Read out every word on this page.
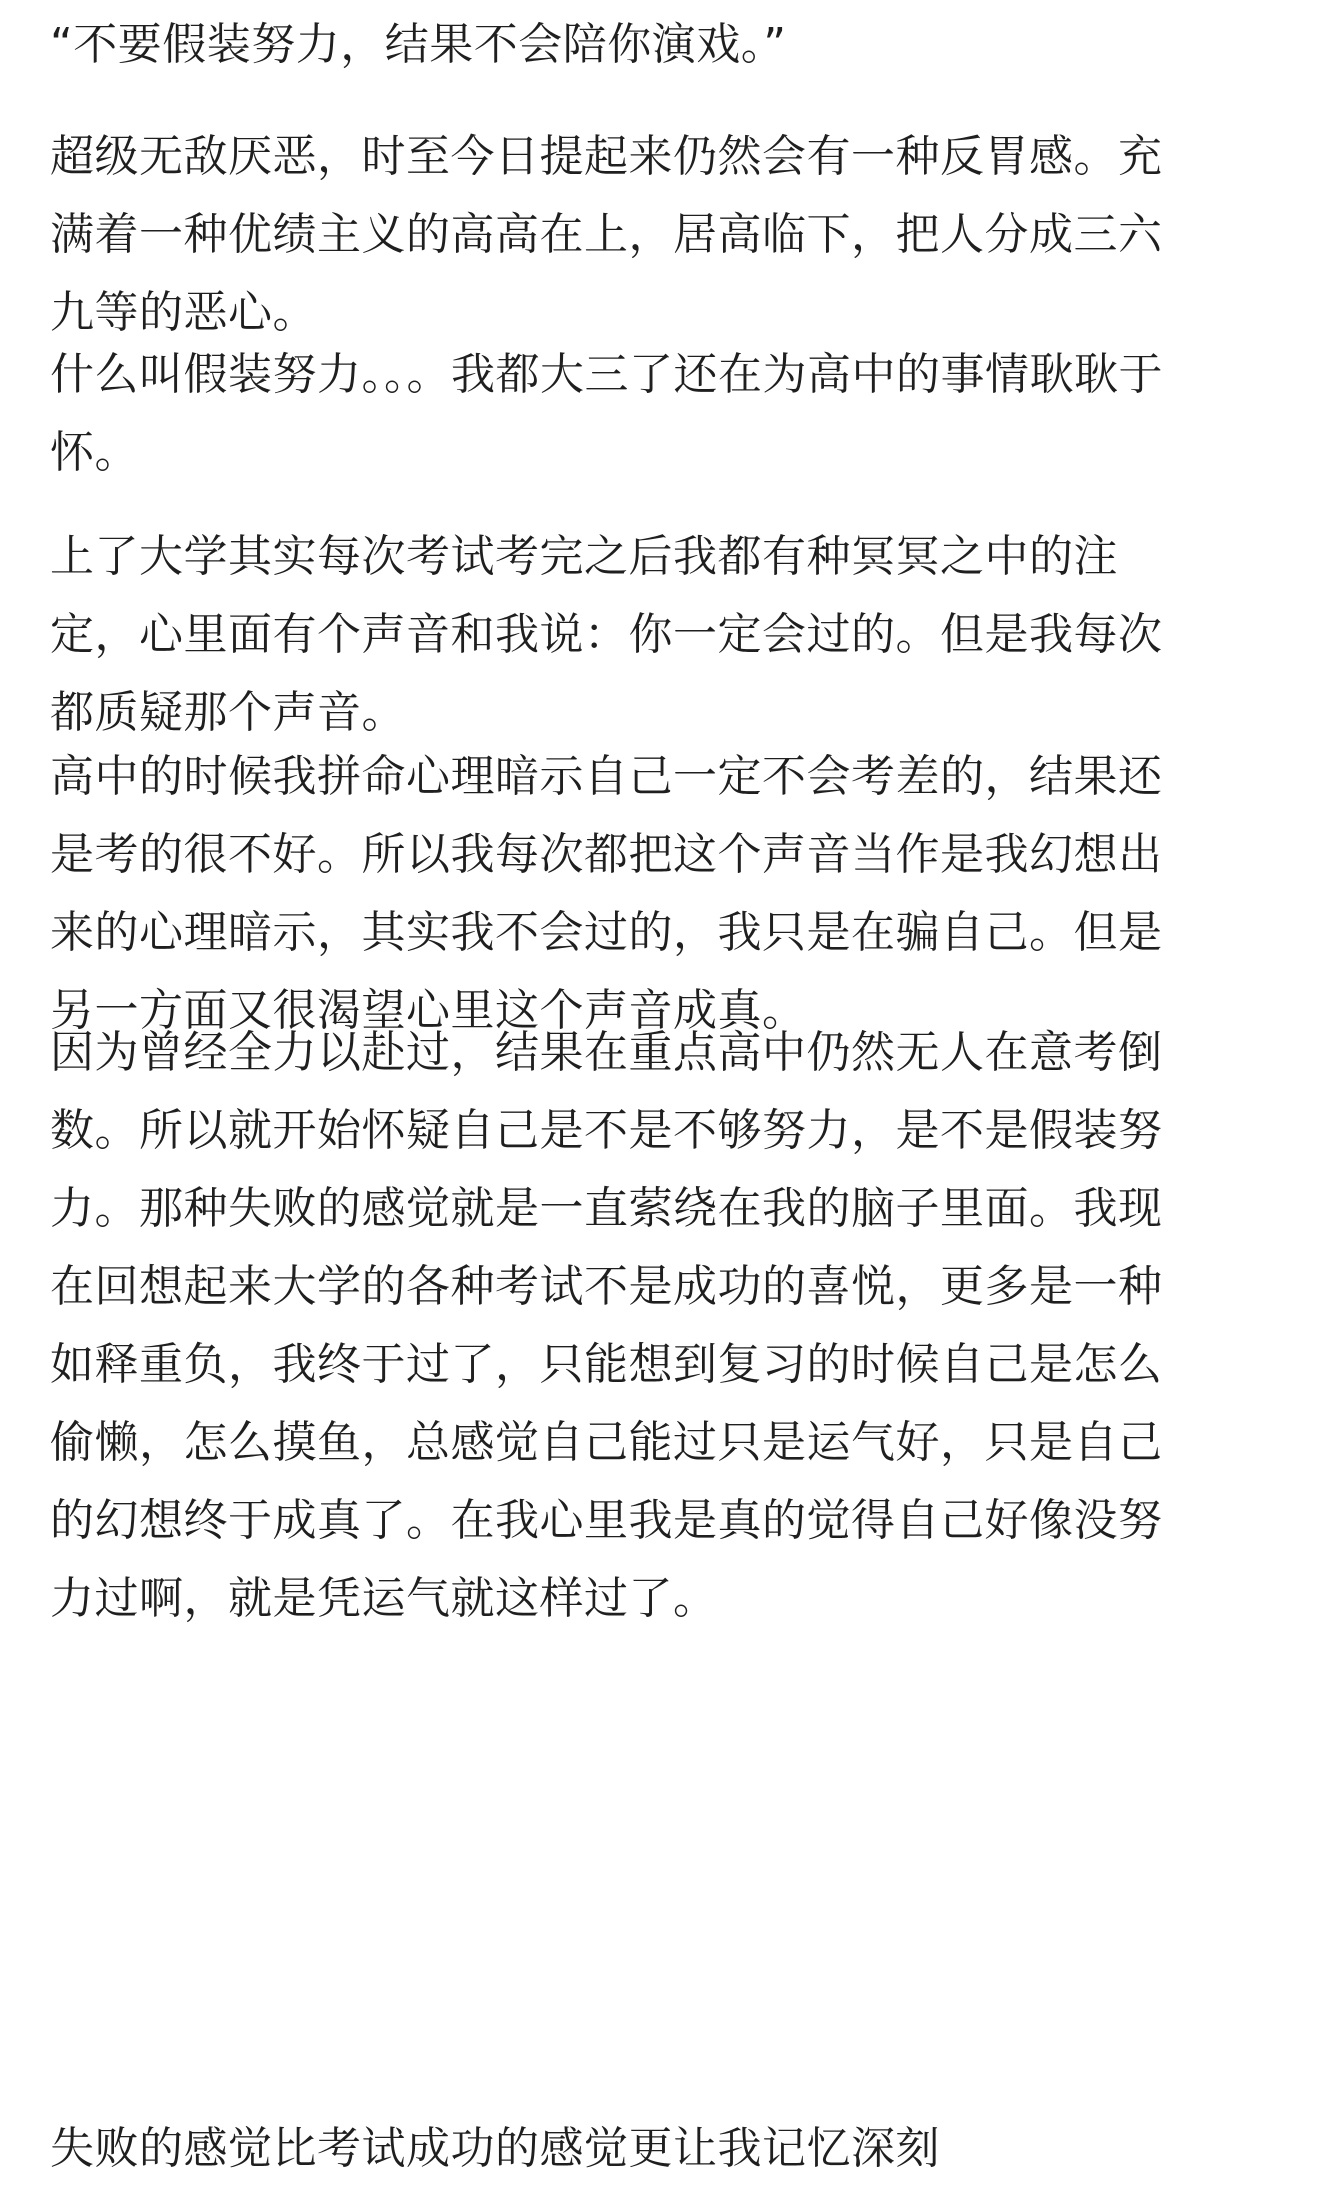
“不要假装努力，结果不会陪你演戏。”
超级无敌厌恶，时至今日提起来仍然会有一种反胃感。充
满着一种优绩主义的高高在上，居高临下，把人分成三六
九等的恶心。
什么叫假装努力。。。我都大三了还在为高中的事情耿耿于
怀。
上了大学其实每次考试考完之后我都有种冥冥之中的注
定，心里面有个声音和我说：你一定会过的。但是我每次
都质疑那个声音。
高中的时候我拼命心理暗示自己一定不会考差的，结果还
是考的很不好。所以我每次都把这个声音当作是我幻想出
来的心理暗示，其实我不会过的，我只是在骗自己。但是
另一方面又很渴望心里这个声音成真。
因为曾经全力以赴过，结果在重点高中仍然无人在意考倒
数。所以就开始怀疑自己是不是不够努力，是不是假装努
力。那种失败的感觉就是一直萦绕在我的脑子里面。我现
在回想起来大学的各种考试不是成功的喜悦，更多是一种
如释重负，我终于过了，只能想到复习的时候自己是怎么
偷懒，怎么摸鱼，总感觉自己能过只是运气好，只是自己
的幻想终于成真了。在我心里我是真的觉得自己好像没努
力过啊，就是凭运气就这样过了。
失败的感觉比考试成功的感觉更让我记忆深刻
